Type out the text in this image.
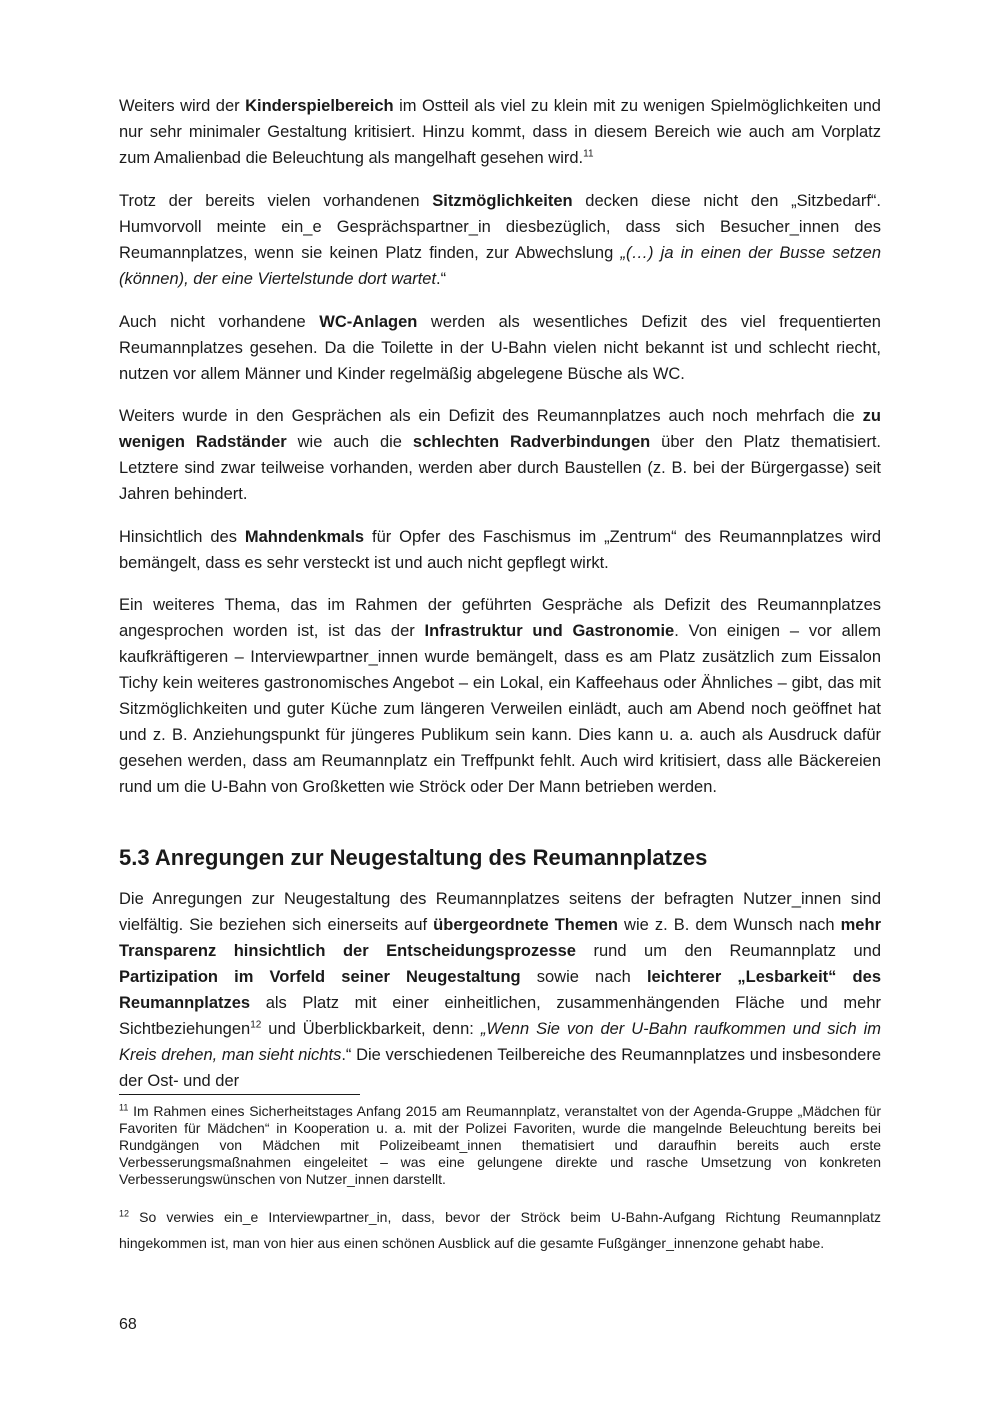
Weiters wird der Kinderspielbereich im Ostteil als viel zu klein mit zu wenigen Spielmöglichkeiten und nur sehr minimaler Gestaltung kritisiert. Hinzu kommt, dass in diesem Bereich wie auch am Vorplatz zum Amalienbad die Beleuchtung als mangelhaft gesehen wird.$^{11}$

Trotz der bereits vielen vorhandenen Sitzmöglichkeiten decken diese nicht den „Sitzbedarf“. Humvorvoll meinte ein_e Gesprächspartner_in diesbezüglich, dass sich Besucher_innen des Reumannplatzes, wenn sie keinen Platz finden, zur Abwechslung „(…) ja in einen der Busse setzen (können), der eine Viertelstunde dort wartet.“

Auch nicht vorhandene WC-Anlagen werden als wesentliches Defizit des viel frequentierten Reumannplatzes gesehen. Da die Toilette in der U-Bahn vielen nicht bekannt ist und schlecht riecht, nutzen vor allem Männer und Kinder regelmäßig abgelegene Büsche als WC.

Weiters wurde in den Gesprächen als ein Defizit des Reumannplatzes auch noch mehrfach die zu wenigen Radständer wie auch die schlechten Radverbindungen über den Platz thematisiert. Letztere sind zwar teilweise vorhanden, werden aber durch Baustellen (z. B. bei der Bürgergasse) seit Jahren behindert.

Hinsichtlich des Mahndenkmals für Opfer des Faschismus im „Zentrum“ des Reumannplatzes wird bemängelt, dass es sehr versteckt ist und auch nicht gepflegt wirkt.

Ein weiteres Thema, das im Rahmen der geführten Gespräche als Defizit des Reumannplatzes angesprochen worden ist, ist das der Infrastruktur und Gastronomie. Von einigen – vor allem kaufkräftigeren – Interviewpartner_innen wurde bemängelt, dass es am Platz zusätzlich zum Eissalon Tichy kein weiteres gastronomisches Angebot – ein Lokal, ein Kaffeehaus oder Ähnliches – gibt, das mit Sitzmöglichkeiten und guter Küche zum längeren Verweilen einlädt, auch am Abend noch geöffnet hat und z. B. Anziehungspunkt für jüngeres Publikum sein kann. Dies kann u. a. auch als Ausdruck dafür gesehen werden, dass am Reumannplatz ein Treffpunkt fehlt. Auch wird kritisiert, dass alle Bäckereien rund um die U-Bahn von Großketten wie Ströck oder Der Mann betrieben werden.

5.3 Anregungen zur Neugestaltung des Reumannplatzes

Die Anregungen zur Neugestaltung des Reumannplatzes seitens der befragten Nutzer_innen sind vielfältig. Sie beziehen sich einerseits auf übergeordnete Themen wie z. B. dem Wunsch nach mehr Transparenz hinsichtlich der Entscheidungsprozesse rund um den Reumannplatz und Partizipation im Vorfeld seiner Neugestaltung sowie nach leichterer „Lesbarkeit“ des Reumannplatzes als Platz mit einer einheitlichen, zusammenhängenden Fläche und mehr Sichtbeziehungen$^{12}$ und Überblickbarkeit, denn: „Wenn Sie von der U-Bahn raufkommen und sich im Kreis drehen, man sieht nichts.“ Die verschiedenen Teilbereiche des Reumannplatzes und insbesondere der Ost- und der

$^{11}$ Im Rahmen eines Sicherheitstages Anfang 2015 am Reumannplatz, veranstaltet von der Agenda-Gruppe „Mädchen für Favoriten für Mädchen“ in Kooperation u. a. mit der Polizei Favoriten, wurde die mangelnde Beleuchtung bereits bei Rundgängen von Mädchen mit Polizeibeamt_innen thematisiert und daraufhin bereits auch erste Verbesserungsmaßnahmen eingeleitet – was eine gelungene direkte und rasche Umsetzung von konkreten Verbesserungswünschen von Nutzer_innen darstellt.

$^{12}$ So verwies ein_e Interviewpartner_in, dass, bevor der Ströck beim U-Bahn-Aufgang Richtung Reumannplatz hingekommen ist, man von hier aus einen schönen Ausblick auf die gesamte Fußgänger_innenzone gehabt habe.

68
